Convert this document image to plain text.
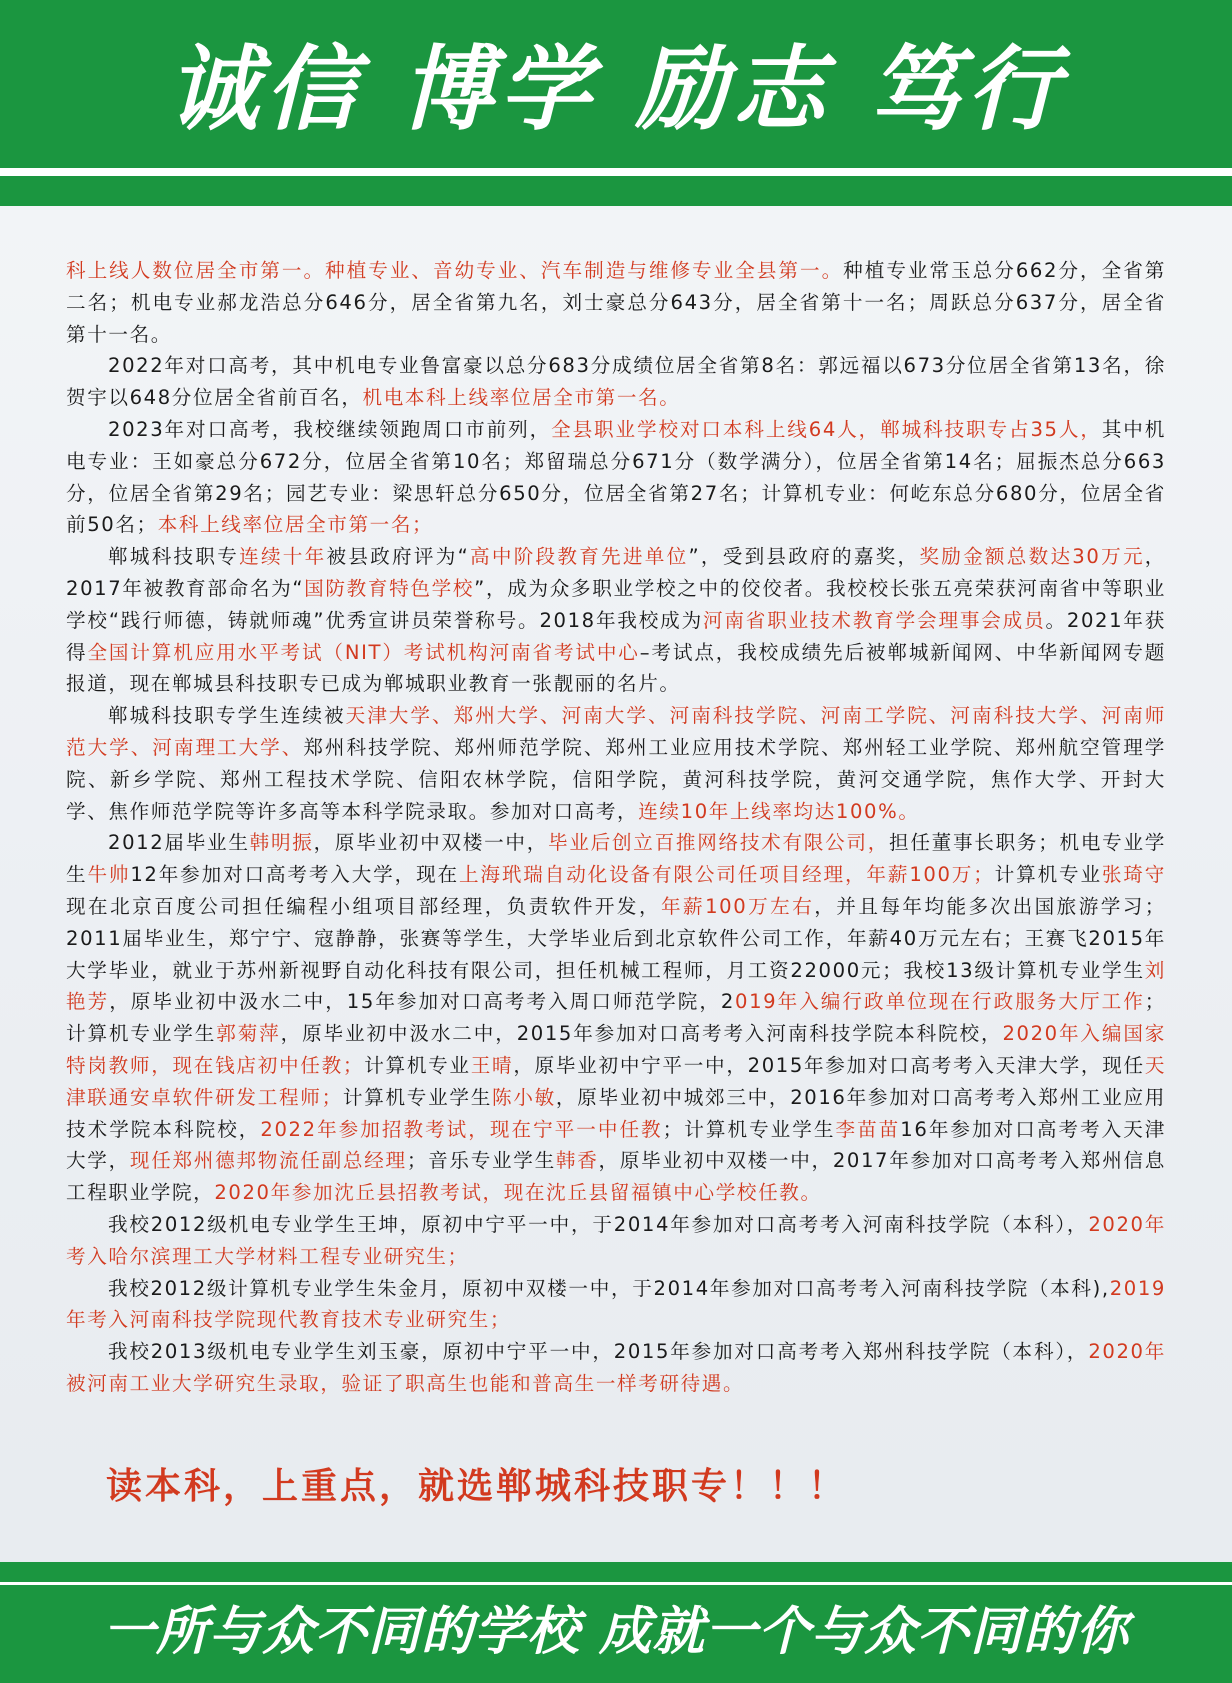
诚信 博学 励志 笃行

科上线人数位居全市第一。种植专业、音幼专业、汽车制造与维修专业全县第一。种植专业常玉总分662分，全省第二名；机电专业郝龙浩总分646分，居全省第九名，刘士豪总分643分，居全省第十一名；周跃总分637分，居全省第十一名。

2022年对口高考，其中机电专业鲁富豪以总分683分成绩位居全省第8名：郭远福以673分位居全省第13名，徐贺宇以648分位居全省前百名，机电本科上线率位居全市第一名。

2023年对口高考，我校继续领跑周口市前列，全县职业学校对口本科上线64人，郸城科技职专占35人，其中机电专业：王如豪总分672分，位居全省第10名；郑留瑞总分671分（数学满分），位居全省第14名；屈振杰总分663分，位居全省第29名；园艺专业：梁思轩总分650分，位居全省第27名；计算机专业：何屹东总分680分，位居全省前50名；本科上线率位居全市第一名；

郸城科技职专连续十年被县政府评为“高中阶段教育先进单位”，受到县政府的嘉奖，奖励金额总数达30万元，2017年被教育部命名为“国防教育特色学校”，成为众多职业学校之中的佼佼者。我校校长张五亮荣获河南省中等职业学校“践行师德，铸就师魂”优秀宣讲员荣誉称号。2018年我校成为河南省职业技术教育学会理事会成员。2021年获得全国计算机应用水平考试（NIT）考试机构河南省考试中心–考试点，我校成绩先后被郸城新闻网、中华新闻网专题报道，现在郸城县科技职专已成为郸城职业教育一张靓丽的名片。

郸城科技职专学生连续被天津大学、郑州大学、河南大学、河南科技学院、河南工学院、河南科技大学、河南师范大学、河南理工大学、郑州科技学院、郑州师范学院、郑州工业应用技术学院、郑州轻工业学院、郑州航空管理学院、新乡学院、郑州工程技术学院、信阳农林学院，信阳学院，黄河科技学院，黄河交通学院，焦作大学、开封大学、焦作师范学院等许多高等本科学院录取。参加对口高考，连续10年上线率均达100%。

2012届毕业生韩明振，原毕业初中双楼一中，毕业后创立百推网络技术有限公司，担任董事长职务；机电专业学生牛帅12年参加对口高考考入大学，现在上海玳瑞自动化设备有限公司任项目经理，年薪100万；计算机专业张琦守现在北京百度公司担任编程小组项目部经理，负责软件开发，年薪100万左右，并且每年均能多次出国旅游学习；2011届毕业生，郑宁宁、寇静静，张赛等学生，大学毕业后到北京软件公司工作，年薪40万元左右；王赛飞2015年大学毕业，就业于苏州新视野自动化科技有限公司，担任机械工程师，月工资22000元；我校13级计算机专业学生刘艳芳，原毕业初中汲水二中，15年参加对口高考考入周口师范学院，2019年入编行政单位现在行政服务大厅工作；计算机专业学生郭菊萍，原毕业初中汲水二中，2015年参加对口高考考入河南科技学院本科院校，2020年入编国家特岗教师，现在钱店初中任教；计算机专业王晴，原毕业初中宁平一中，2015年参加对口高考考入天津大学，现任天津联通安卓软件研发工程师；计算机专业学生陈小敏，原毕业初中城郊三中，2016年参加对口高考考入郑州工业应用技术学院本科院校，2022年参加招教考试，现在宁平一中任教；计算机专业学生李苗苗16年参加对口高考考入天津大学，现任郑州德邦物流任副总经理；音乐专业学生韩香，原毕业初中双楼一中，2017年参加对口高考考入郑州信息工程职业学院，2020年参加沈丘县招教考试，现在沈丘县留福镇中心学校任教。

我校2012级机电专业学生王坤，原初中宁平一中，于2014年参加对口高考考入河南科技学院（本科），2020年考入哈尔滨理工大学材料工程专业研究生；

我校2012级计算机专业学生朱金月，原初中双楼一中，于2014年参加对口高考考入河南科技学院（本科),2019年考入河南科技学院现代教育技术专业研究生；

我校2013级机电专业学生刘玉豪，原初中宁平一中，2015年参加对口高考考入郑州科技学院（本科），2020年被河南工业大学研究生录取，验证了职高生也能和普高生一样考研待遇。

读本科，上重点，就选郸城科技职专！！！
一所与众不同的学校 成就一个与众不同的你
